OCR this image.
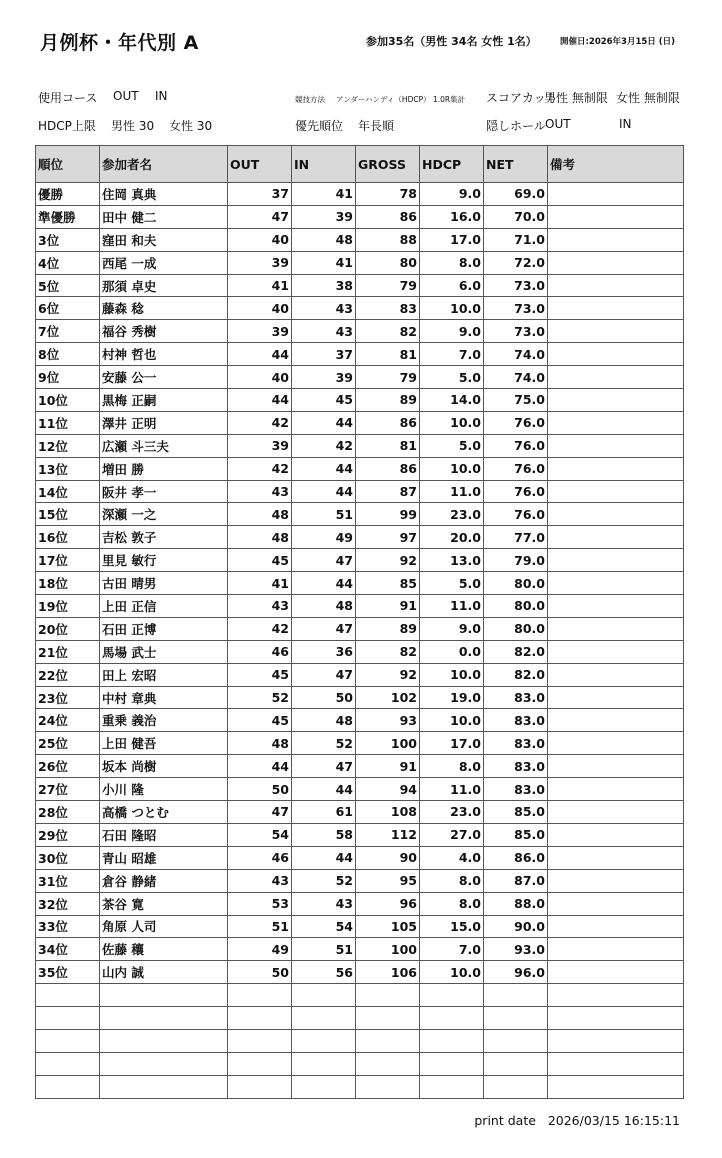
月例杯・年代別 A	参加35名（男性 34名 女性 1名）	開催日:2026年3月15日 (日)
使用コース OUT IN	競技方法 アンダーハンディ（HDCP） 1.0R集計 スコアカット
男性 無制限 女性 無制限
HDCP上限 男性 30 女性 30	優先順位 年長順	隠しホール OUT	IN
順位	参加者名	OUT	IN	GROSS	HDCP	NET	備考
優勝	住岡 真典	37	41	78	9.0	69.0	
準優勝	田中 健二	47	39	86	16.0	70.0	
3位	窪田 和夫	40	48	88	17.0	71.0	
4位	西尾 一成	39	41	80	8.0	72.0	
5位	那須 卓史	41	38	79	6.0	73.0	
6位	藤森 稔	40	43	83	10.0	73.0	
7位	福谷 秀樹	39	43	82	9.0	73.0	
8位	村神 哲也	44	37	81	7.0	74.0	
9位	安藤 公一	40	39	79	5.0	74.0	
10位	黒梅 正嗣	44	45	89	14.0	75.0	
11位	澤井 正明	42	44	86	10.0	76.0	
12位	広瀬 斗三夫	39	42	81	5.0	76.0	
13位	増田 勝	42	44	86	10.0	76.0	
14位	阪井 孝一	43	44	87	11.0	76.0	
15位	深瀬 一之	48	51	99	23.0	76.0	
16位	吉松 敦子	48	49	97	20.0	77.0	
17位	里見 敏行	45	47	92	13.0	79.0	
18位	古田 晴男	41	44	85	5.0	80.0	
19位	上田 正信	43	48	91	11.0	80.0	
20位	石田 正博	42	47	89	9.0	80.0	
21位	馬場 武士	46	36	82	0.0	82.0	
22位	田上 宏昭	45	47	92	10.0	82.0	
23位	中村 章典	52	50	102	19.0	83.0	
24位	重乗 義治	45	48	93	10.0	83.0	
25位	上田 健吾	48	52	100	17.0	83.0	
26位	坂本 尚樹	44	47	91	8.0	83.0	
27位	小川 隆	50	44	94	11.0	83.0	
28位	高橋 つとむ	47	61	108	23.0	85.0	
29位	石田 隆昭	54	58	112	27.0	85.0	
30位	青山 昭雄	46	44	90	4.0	86.0	
31位	倉谷 静緒	43	52	95	8.0	87.0	
32位	茶谷 寛	53	43	96	8.0	88.0	
33位	角原 人司	51	54	105	15.0	90.0	
34位	佐藤 穰	49	51	100	7.0	93.0	
35位	山内 誠	50	56	106	10.0	96.0	

print date 2026/03/15 16:15:11
